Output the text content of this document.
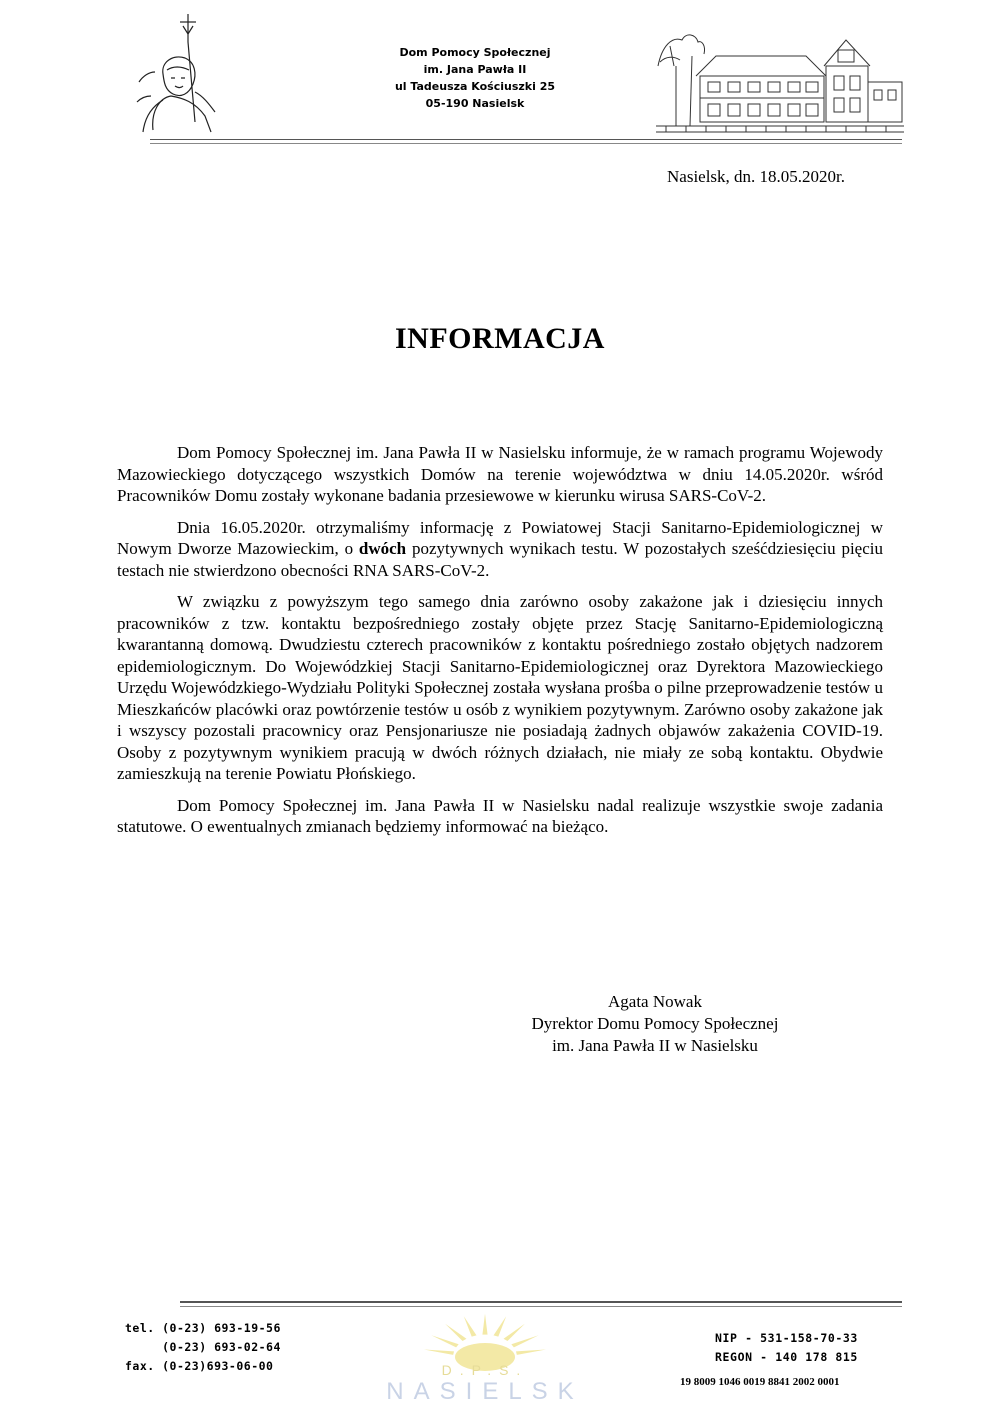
Dom Pomocy Społecznej
im. Jana Pawła II
ul Tadeusza Kościuszki 25
05-190 Nasielsk
Nasielsk, dn. 18.05.2020r.
INFORMACJA

Dom Pomocy Społecznej im. Jana Pawła II w Nasielsku informuje, że w ramach programu Wojewody Mazowieckiego dotyczącego wszystkich Domów na terenie województwa w dniu 14.05.2020r. wśród Pracowników Domu zostały wykonane badania przesiewowe w kierunku wirusa SARS-CoV-2.

Dnia 16.05.2020r. otrzymaliśmy informację z Powiatowej Stacji Sanitarno-Epidemiologicznej w Nowym Dworze Mazowieckim, o dwóch pozytywnych wynikach testu. W pozostałych sześćdziesięciu pięciu testach nie stwierdzono obecności RNA SARS-CoV-2.

W związku z powyższym tego samego dnia zarówno osoby zakażone jak i dziesięciu innych pracowników z tzw. kontaktu bezpośredniego zostały objęte przez Stację Sanitarno-Epidemiologiczną kwarantanną domową. Dwudziestu czterech pracowników z kontaktu pośredniego zostało objętych nadzorem epidemiologicznym. Do Wojewódzkiej Stacji Sanitarno-Epidemiologicznej oraz Dyrektora Mazowieckiego Urzędu Wojewódzkiego-Wydziału Polityki Społecznej została wysłana prośba o pilne przeprowadzenie testów u Mieszkańców placówki oraz powtórzenie testów u osób z wynikiem pozytywnym. Zarówno osoby zakażone jak i wszyscy pozostali pracownicy oraz Pensjonariusze nie posiadają żadnych objawów zakażenia COVID-19. Osoby z pozytywnym wynikiem pracują w dwóch różnych działach, nie miały ze sobą kontaktu. Obydwie zamieszkują na terenie Powiatu Płońskiego.

Dom Pomocy Społecznej im. Jana Pawła II w Nasielsku nadal realizuje wszystkie swoje zadania statutowe. O ewentualnych zmianach będziemy informować na bieżąco.

Agata Nowak
Dyrektor Domu Pomocy Społecznej
im. Jana Pawła II w Nasielsku
tel. (0-23) 693-19-56
(0-23) 693-02-64
fax. (0-23)693-06-00	D.P.S.
NASIELSK
NIP - 531-158-70-33
REGON - 140 178 815
19 8009 1046 0019 8841 2002 0001
